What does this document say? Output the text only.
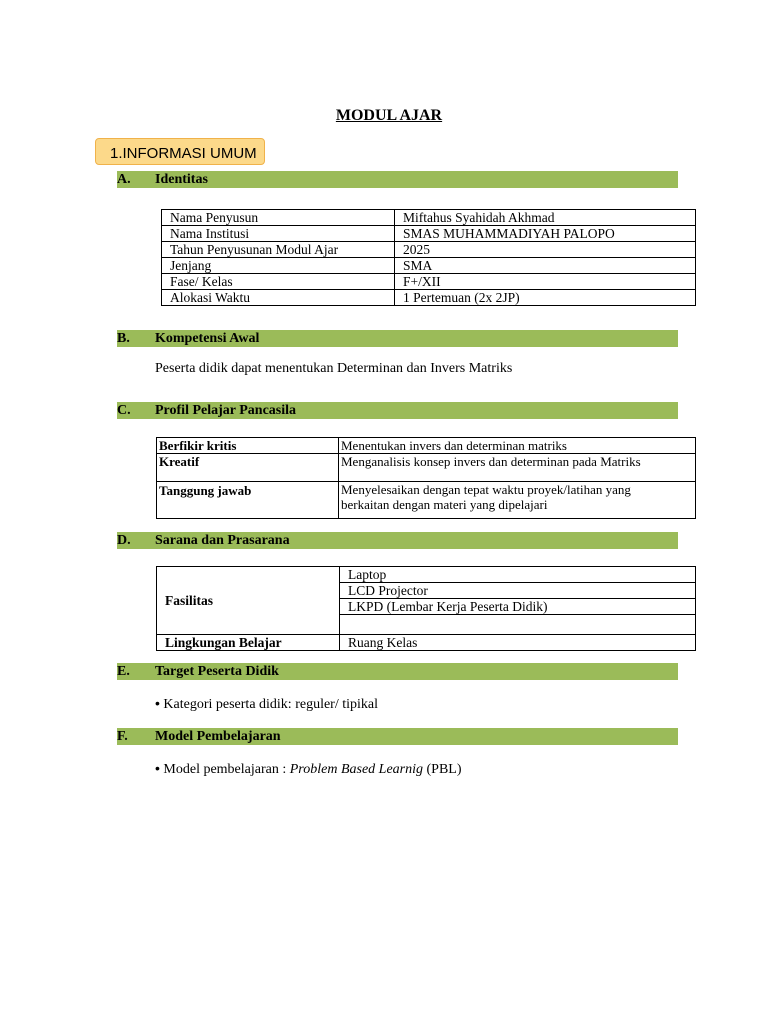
MODUL AJAR
1.INFORMASI UMUM
A. Identitas
Nama Penyusun	Miftahus Syahidah Akhmad
Nama Institusi	SMAS MUHAMMADIYAH PALOPO
Tahun Penyusunan Modul Ajar	2025
Jenjang	SMA
Fase/ Kelas	F+/XII
Alokasi Waktu	1 Pertemuan (2x 2JP)
B. Kompetensi Awal
Peserta didik dapat menentukan Determinan dan Invers Matriks
C. Profil Pelajar Pancasila
Berfikir kritis	Menentukan invers dan determinan matriks
Kreatif	Menganalisis konsep invers dan determinan pada Matriks
Tanggung jawab	Menyelesaikan dengan tepat waktu proyek/latihan yang
berkaitan dengan materi yang dipelajari
D. Sarana dan Prasarana
Fasilitas	Laptop
	LCD Projector
	LKPD (Lembar Kerja Peserta Didik)

Lingkungan Belajar	Ruang Kelas
E. Target Peserta Didik
• Kategori peserta didik: reguler/ tipikal
F. Model Pembelajaran
• Model pembelajaran : Problem Based Learnig (PBL)
